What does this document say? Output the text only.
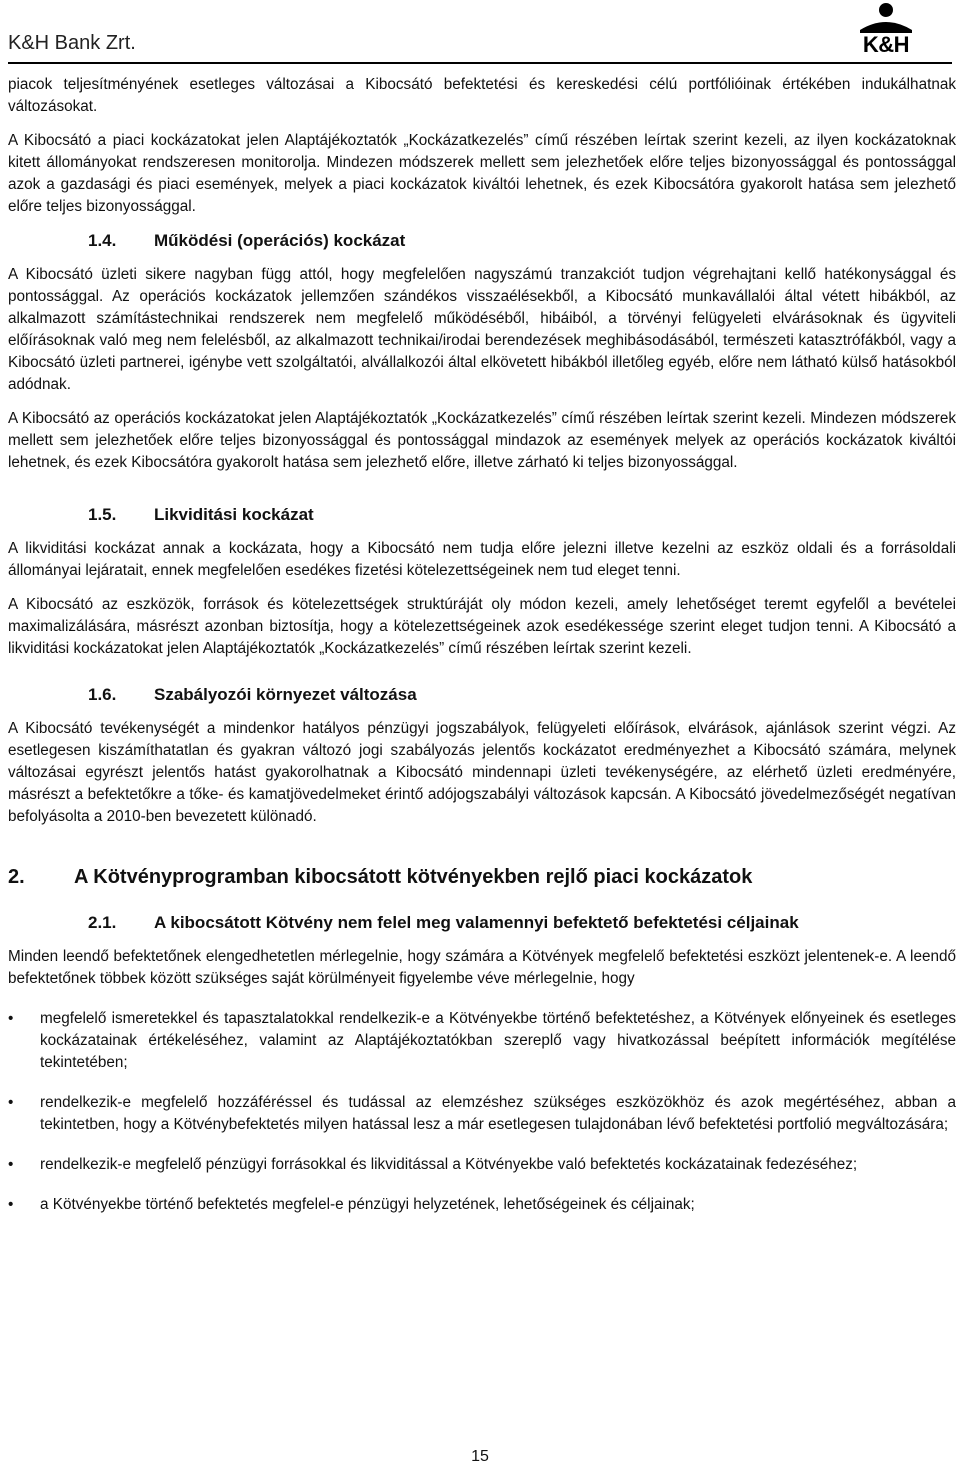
K&H Bank Zrt.	K&H

piacok teljesítményének esetleges változásai a Kibocsátó befektetési és kereskedési célú portfólióinak értékében indukálhatnak változásokat.

A Kibocsátó a piaci kockázatokat jelen Alaptájékoztatók „Kockázatkezelés” című részében leírtak szerint kezeli, az ilyen kockázatoknak kitett állományokat rendszeresen monitorolja. Mindezen módszerek mellett sem jelezhetőek előre teljes bizonyossággal és pontossággal azok a gazdasági és piaci események, melyek a piaci kockázatok kiváltói lehetnek, és ezek Kibocsátóra gyakorolt hatása sem jelezhető előre teljes bizonyossággal.

1.4. Működési (operációs) kockázat

A Kibocsátó üzleti sikere nagyban függ attól, hogy megfelelően nagyszámú tranzakciót tudjon végrehajtani kellő hatékonysággal és pontossággal. Az operációs kockázatok jellemzően szándékos visszaélésekből, a Kibocsátó munkavállalói által vétett hibákból, az alkalmazott számítástechnikai rendszerek nem megfelelő működéséből, hibáiból, a törvényi felügyeleti elvárásoknak és ügyviteli előírásoknak való meg nem felelésből, az alkalmazott technikai/irodai berendezések meghibásodásából, természeti katasztrófákból, vagy a Kibocsátó üzleti partnerei, igénybe vett szolgáltatói, alvállalkozói által elkövetett hibákból illetőleg egyéb, előre nem látható külső hatásokból adódnak.

A Kibocsátó az operációs kockázatokat jelen Alaptájékoztatók „Kockázatkezelés” című részében leírtak szerint kezeli. Mindezen módszerek mellett sem jelezhetőek előre teljes bizonyossággal és pontossággal mindazok az események melyek az operációs kockázatok kiváltói lehetnek, és ezek Kibocsátóra gyakorolt hatása sem jelezhető előre, illetve zárható ki teljes bizonyossággal.

1.5. Likviditási kockázat

A likviditási kockázat annak a kockázata, hogy a Kibocsátó nem tudja előre jelezni illetve kezelni az eszköz oldali és a forrásoldali állományai lejáratait, ennek megfelelően esedékes fizetési kötelezettségeinek nem tud eleget tenni.

A Kibocsátó az eszközök, források és kötelezettségek struktúráját oly módon kezeli, amely lehetőséget teremt egyfelől a bevételei maximalizálására, másrészt azonban biztosítja, hogy a kötelezettségeinek azok esedékessége szerint eleget tudjon tenni. A Kibocsátó a likviditási kockázatokat jelen Alaptájékoztatók „Kockázatkezelés” című részében leírtak szerint kezeli.

1.6. Szabályozói környezet változása

A Kibocsátó tevékenységét a mindenkor hatályos pénzügyi jogszabályok, felügyeleti előírások, elvárások, ajánlások szerint végzi. Az esetlegesen kiszámíthatatlan és gyakran változó jogi szabályozás jelentős kockázatot eredményezhet a Kibocsátó számára, melynek változásai egyrészt jelentős hatást gyakorolhatnak a Kibocsátó mindennapi üzleti tevékenységére, az elérhető üzleti eredményére, másrészt a befektetőkre a tőke- és kamatjövedelmeket érintő adójogszabályi változások kapcsán. A Kibocsátó jövedelmezőségét negatívan befolyásolta a 2010-ben bevezetett különadó.

2. A Kötvényprogramban kibocsátott kötvényekben rejlő piaci kockázatok
2.1. A kibocsátott Kötvény nem felel meg valamennyi befektető befektetési céljainak

Minden leendő befektetőnek elengedhetetlen mérlegelnie, hogy számára a Kötvények megfelelő befektetési eszközt jelentenek-e. A leendő befektetőnek többek között szükséges saját körülményeit figyelembe véve mérlegelnie, hogy

• megfelelő ismeretekkel és tapasztalatokkal rendelkezik-e a Kötvényekbe történő befektetéshez, a Kötvények előnyeinek és esetleges kockázatainak értékeléséhez, valamint az Alaptájékoztatókban szereplő vagy hivatkozással beépített információk megítélése tekintetében;
• rendelkezik-e megfelelő hozzáféréssel és tudással az elemzéshez szükséges eszközökhöz és azok megértéséhez, abban a tekintetben, hogy a Kötvénybefektetés milyen hatással lesz a már esetlegesen tulajdonában lévő befektetési portfolió megváltozására;
• rendelkezik-e megfelelő pénzügyi forrásokkal és likviditással a Kötvényekbe való befektetés kockázatainak fedezéséhez;
• a Kötvényekbe történő befektetés megfelel-e pénzügyi helyzetének, lehetőségeinek és céljainak;
15
